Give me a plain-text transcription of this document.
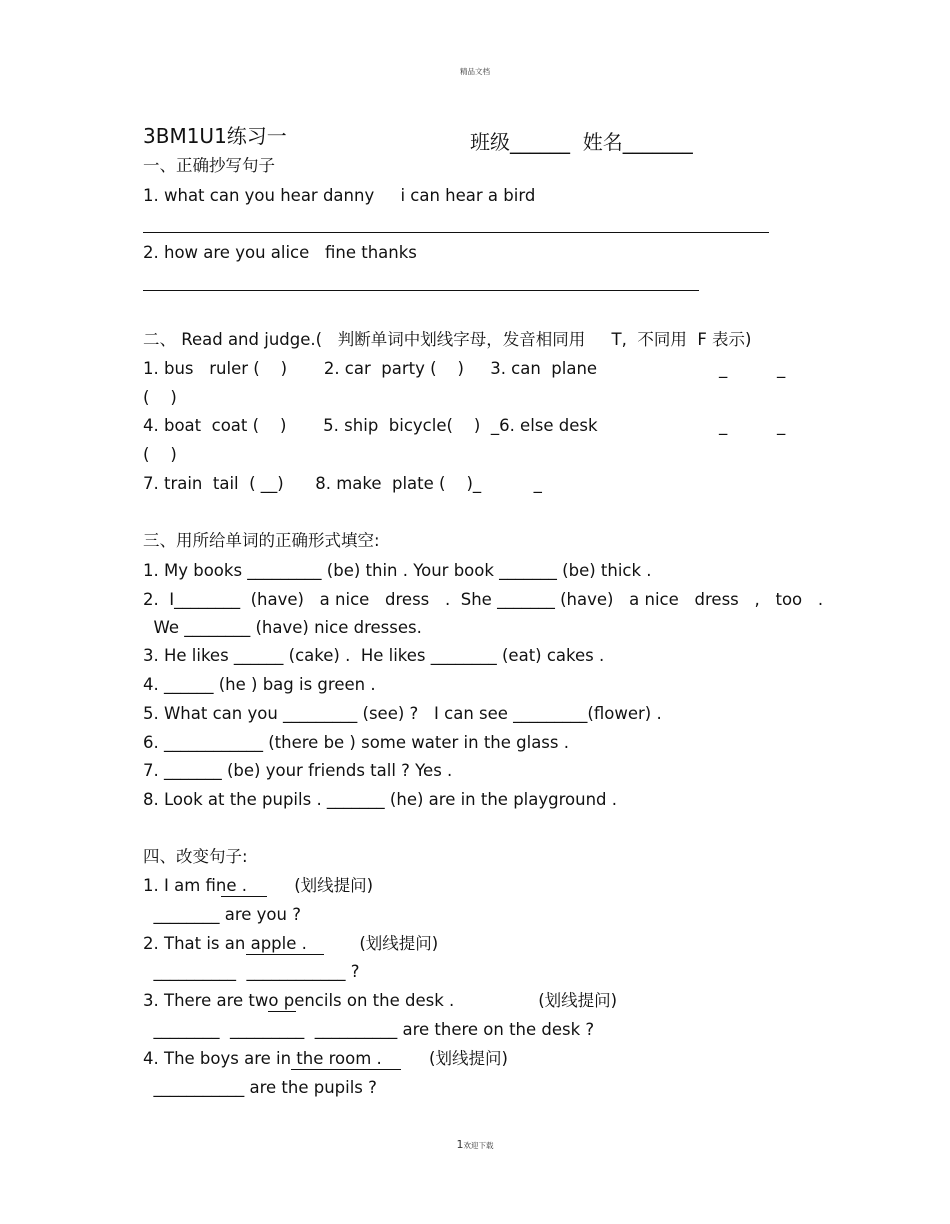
精品文档
3BM1U1练习一	班级______  姓名_______
一、正确抄写句子
1. what can you hear danny     i can hear a bird
2. how are you alice   fine thanks
二、 Read and judge.(   判断单词中划线字母，发音相同用     T,  不同用  F 表示)
1. bus   ruler (    )       2. car  party (    )     3. can  plane	_	_
(    )
4. boat  coat (    )       5. ship  bicycle(    )  _6. else desk	_	_
(    )
7. train  tail  ( __)      8. make  plate (    )_          _
三、用所给单词的正确形式填空:
1. My books _________ (be) thin . Your book _______ (be) thick .
2.  I________  (have)   a nice   dress   .  She _______ (have)   a nice   dress   ,   too   .
We ________ (have) nice dresses.
3. He likes ______ (cake) .  He likes ________ (eat) cakes .
4. ______ (he ) bag is green .
5. What can you _________ (see) ?   I can see _________(flower) .
6. ____________ (there be ) some water in the glass .
7. _______ (be) your friends tall ? Yes .
8. Look at the pupils . _______ (he) are in the playground .
四、改变句子:
1. I am fine .         (划线提问)
________ are you ?
2. That is an apple .          (划线提问)
__________  ____________ ?
3. There are two pencils on the desk .                (划线提问)
________  _________  __________ are there on the desk ?
4. The boys are in the room .         (划线提问)
___________ are the pupils ?
1欢迎下载
